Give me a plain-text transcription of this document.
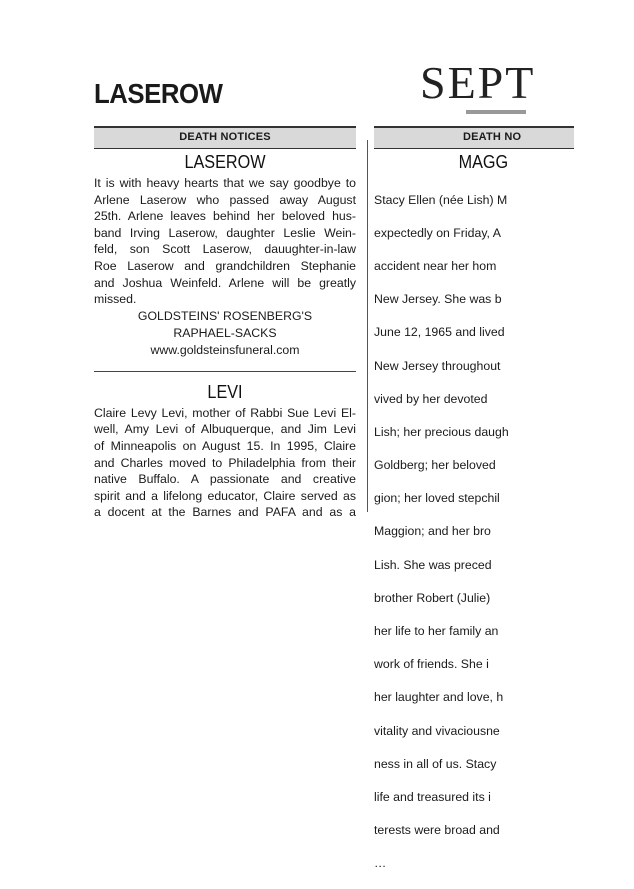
LASEROW	SEPT
DEATH NOTICES
LASEROW
It is with heavy hearts that we say goodbye to
Arlene Laserow who passed away August
25th. Arlene leaves behind her beloved hus-
band Irving Laserow, daughter Leslie Wein-
feld, son Scott Laserow, dauughter-in-law
Roe Laserow and grandchildren Stephanie
and Joshua Weinfeld. Arlene will be greatly
missed.
GOLDSTEINS' ROSENBERG'S
RAPHAEL-SACKS
www.goldsteinsfuneral.com
LEVI
Claire Levy Levi, mother of Rabbi Sue Levi El-
well, Amy Levi of Albuquerque, and Jim Levi
of Minneapolis on August 15. In 1995, Claire
and Charles moved to Philadelphia from their
native Buffalo. A passionate and creative
spirit and a lifelong educator, Claire served as
a docent at the Barnes and PAFA and as a
DEATH NO
MAGG

Stacy Ellen (née Lish) M

expectedly on Friday, A

accident near her hom

New Jersey. She was b

June 12, 1965 and lived

New Jersey throughout

vived by her devoted

Lish; her precious daugh

Goldberg; her beloved

gion; her loved stepchil

Maggion; and her bro

Lish. She was preced

brother Robert (Julie)

her life to her family an

work of friends. She i

her laughter and love, h

vitality and vivaciousne

ness in all of us. Stacy

life and treasured its i

terests were broad and

…
